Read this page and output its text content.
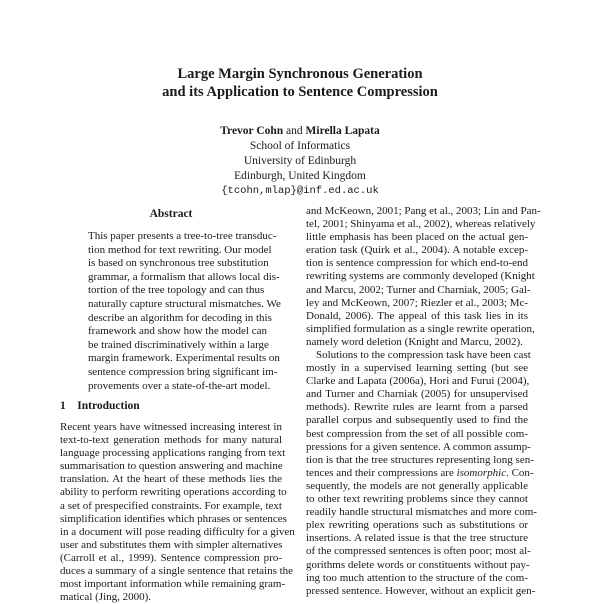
Large Margin Synchronous Generation
and its Application to Sentence Compression
Trevor Cohn and Mirella Lapata
School of Informatics
University of Edinburgh
Edinburgh, United Kingdom
{tcohn,mlap}@inf.ed.ac.uk
Abstract
This paper presents a tree-to-tree transduc-
tion method for text rewriting. Our model
is based on synchronous tree substitution
grammar, a formalism that allows local dis-
tortion of the tree topology and can thus
naturally capture structural mismatches. We
describe an algorithm for decoding in this
framework and show how the model can
be trained discriminatively within a large
margin framework. Experimental results on
sentence compression bring significant im-
provements over a state-of-the-art model.
1 Introduction
Recent years have witnessed increasing interest in
text-to-text generation methods for many natural
language processing applications ranging from text
summarisation to question answering and machine
translation. At the heart of these methods lies the
ability to perform rewriting operations according to
a set of prespecified constraints. For example, text
simplification identifies which phrases or sentences
in a document will pose reading difficulty for a given
user and substitutes them with simpler alternatives
(Carroll et al., 1999). Sentence compression pro-
duces a summary of a single sentence that retains the
most important information while remaining gram-
matical (Jing, 2000).
and McKeown, 2001; Pang et al., 2003; Lin and Pan-
tel, 2001; Shinyama et al., 2002), whereas relatively
little emphasis has been placed on the actual gen-
eration task (Quirk et al., 2004). A notable excep-
tion is sentence compression for which end-to-end
rewriting systems are commonly developed (Knight
and Marcu, 2002; Turner and Charniak, 2005; Gal-
ley and McKeown, 2007; Riezler et al., 2003; Mc-
Donald, 2006). The appeal of this task lies in its
simplified formulation as a single rewrite operation,
namely word deletion (Knight and Marcu, 2002).
Solutions to the compression task have been cast
mostly in a supervised learning setting (but see
Clarke and Lapata (2006a), Hori and Furui (2004),
and Turner and Charniak (2005) for unsupervised
methods). Rewrite rules are learnt from a parsed
parallel corpus and subsequently used to find the
best compression from the set of all possible com-
pressions for a given sentence. A common assump-
tion is that the tree structures representing long sen-
tences and their compressions are isomorphic. Con-
sequently, the models are not generally applicable
to other text rewriting problems since they cannot
readily handle structural mismatches and more com-
plex rewriting operations such as substitutions or
insertions. A related issue is that the tree structure
of the compressed sentences is often poor; most al-
gorithms delete words or constituents without pay-
ing too much attention to the structure of the com-
pressed sentence. However, without an explicit gen-
